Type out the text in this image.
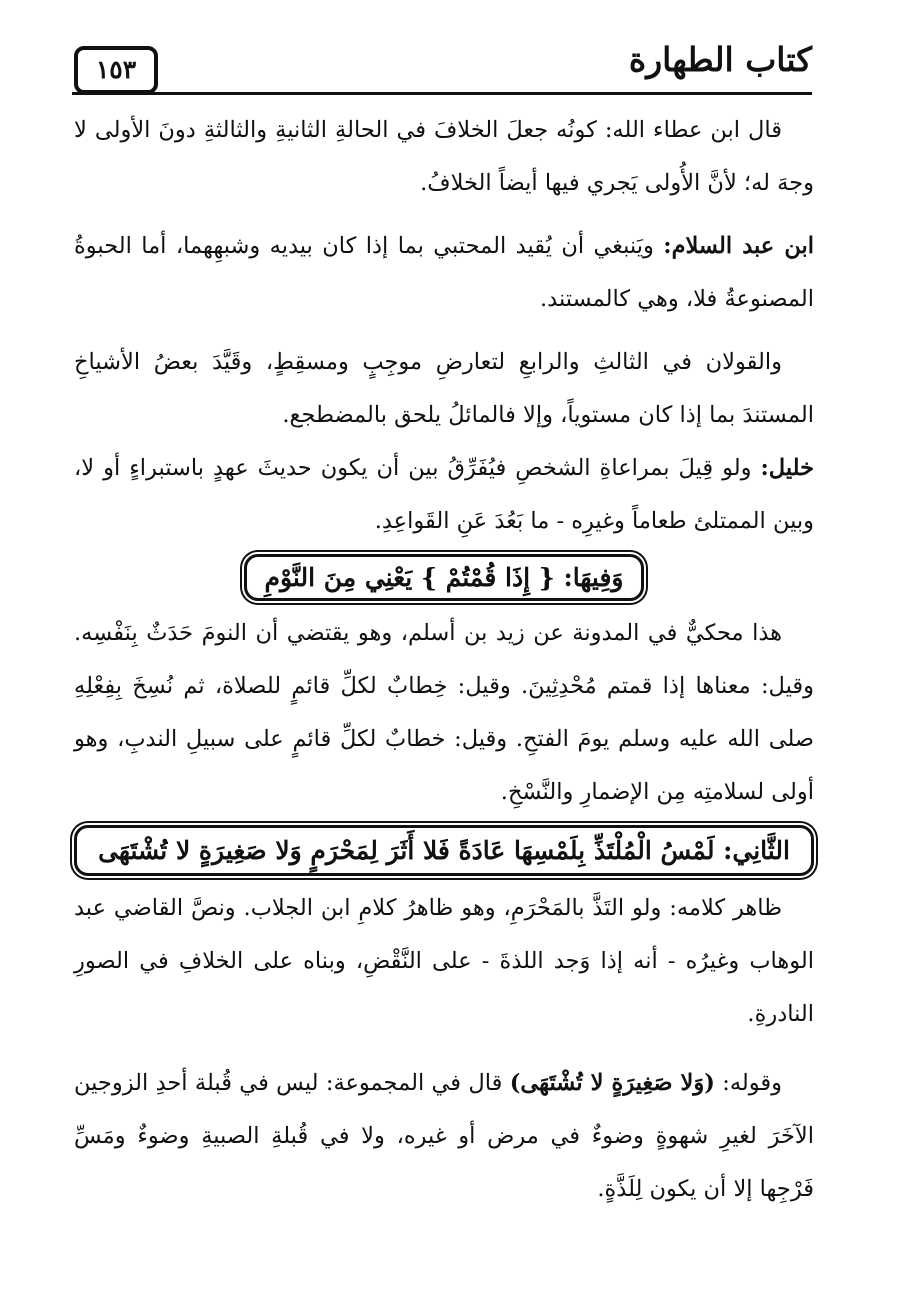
١٥٣	كتاب الطهارة

قال ابن عطاء الله: كونُه جعلَ الخلافَ في الحالةِ الثانيةِ والثالثةِ دونَ الأولى لا وجهَ له؛ لأنَّ الأُولى يَجري فيها أيضاً الخلافُ.

ابن عبد السلام: ويَنبغي أن يُقيد المحتبي بما إذا كان بيديه وشبهِهما، أما الحبوةُ المصنوعةُ فلا، وهي كالمستند.

والقولان في الثالثِ والرابعِ لتعارضِ موجِبٍ ومسقِطٍ، وقَيَّدَ بعضُ الأشياخِ المستندَ بما إذا كان مستوياً، وإلا فالمائلُ يلحق بالمضطجع.

خليل: ولو قِيلَ بمراعاةِ الشخصِ فيُفَرِّقُ بين أن يكون حديثَ عهدٍ باستبراءٍ أو لا، وبين الممتلئ طعاماً وغيرِه - ما بَعُدَ عَنِ القَواعِدِ.

وَفِيهَا: { إِذَا قُمْتُمْ } يَعْنِي مِنَ النَّوْمِ

هذا محكيٌّ في المدونة عن زيد بن أسلم، وهو يقتضي أن النومَ حَدَثٌ بِنَفْسِه. وقيل: معناها إذا قمتم مُحْدِثِينَ. وقيل: خِطابٌ لكلِّ قائمٍ للصلاة، ثم نُسِخَ بِفِعْلِهِ صلى الله عليه وسلم يومَ الفتحِ. وقيل: خطابٌ لكلِّ قائمٍ على سبيلِ الندبِ، وهو أولى لسلامتِه مِن الإضمارِ والنَّسْخِ.

الثَّانِي: لَمْسُ الْمُلْتَذِّ بِلَمْسِهَا عَادَةً فَلا أَثَرَ لِمَحْرَمٍ وَلا صَغِيرَةٍ لا تُشْتَهَى

ظاهر كلامه: ولو التَذَّ بالمَحْرَمِ، وهو ظاهرُ كلامِ ابن الجلاب. ونصَّ القاضي عبد الوهاب وغيرُه - أنه إذا وَجد اللذةَ - على النَّقْضِ، وبناه على الخلافِ في الصورِ النادرةِ.

وقوله: (وَلا صَغِيرَةٍ لا تُشْتَهَى) قال في المجموعة: ليس في قُبلة أحدِ الزوجين الآخَرَ لغيرِ شهوةٍ وضوءٌ في مرض أو غيره، ولا في قُبلةِ الصبيةِ وضوءٌ ومَسِّ فَرْجِها إلا أن يكون لِلَذَّةٍ.
